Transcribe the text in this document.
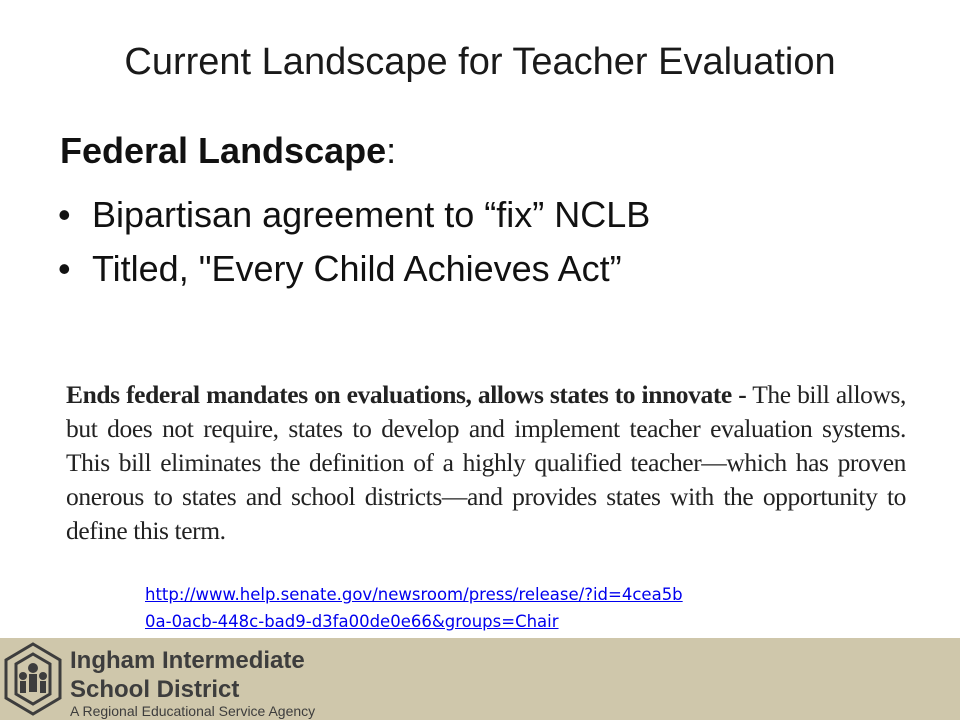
Current Landscape for Teacher Evaluation
Federal Landscape:
• Bipartisan agreement to “fix” NCLB
• Titled, "Every Child Achieves Act”
Ends federal mandates on evaluations, allows states to innovate - The bill allows, but does not require, states to develop and implement teacher evaluation systems. This bill eliminates the definition of a highly qualified teacher—which has proven onerous to states and school districts—and provides states with the opportunity to define this term.
http://www.help.senate.gov/newsroom/press/release/?id=4cea5b
0a-0acb-448c-bad9-d3fa00de0e66&groups=Chair
Ingham Intermediate
School District
A Regional Educational Service Agency
